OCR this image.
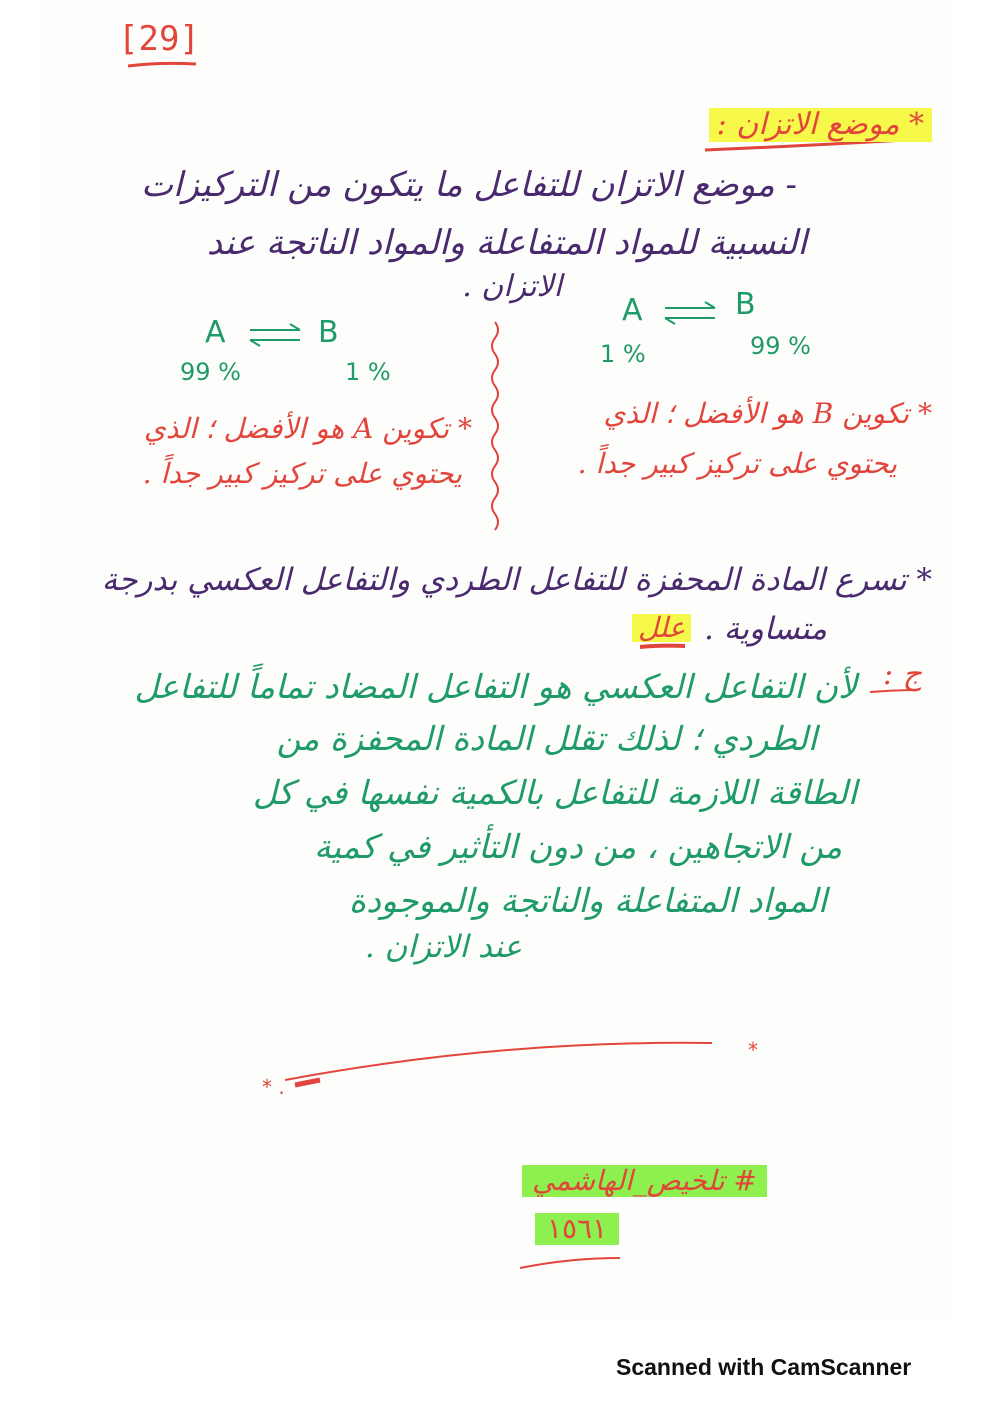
* .
*
[29]
* موضع الاتزان :
- موضع الاتزان للتفاعل ما يتكون من التركيزات
النسبية للمواد المتفاعلة والمواد الناتجة عند
الاتزان .
A	B
99 %	1 %
* تكوين A هو الأفضل ؛ الذي
يحتوي على تركيز كبير جداً .
A	B
1 %	99 %
* تكوين B هو الأفضل ؛ الذي
يحتوي على تركيز كبير جداً .
* تسرع المادة المحفزة للتفاعل الطردي والتفاعل العكسي بدرجة
متساوية .
علل
ج :
لأن التفاعل العكسي هو التفاعل المضاد تماماً للتفاعل
الطردي ؛ لذلك تقلل المادة المحفزة من
الطاقة اللازمة للتفاعل بالكمية نفسها في كل
من الاتجاهين ، من دون التأثير في كمية
المواد المتفاعلة والناتجة والموجودة
عند الاتزان .
# تلخيص_الهاشمي
١٥٦١
Scanned with CamScanner
